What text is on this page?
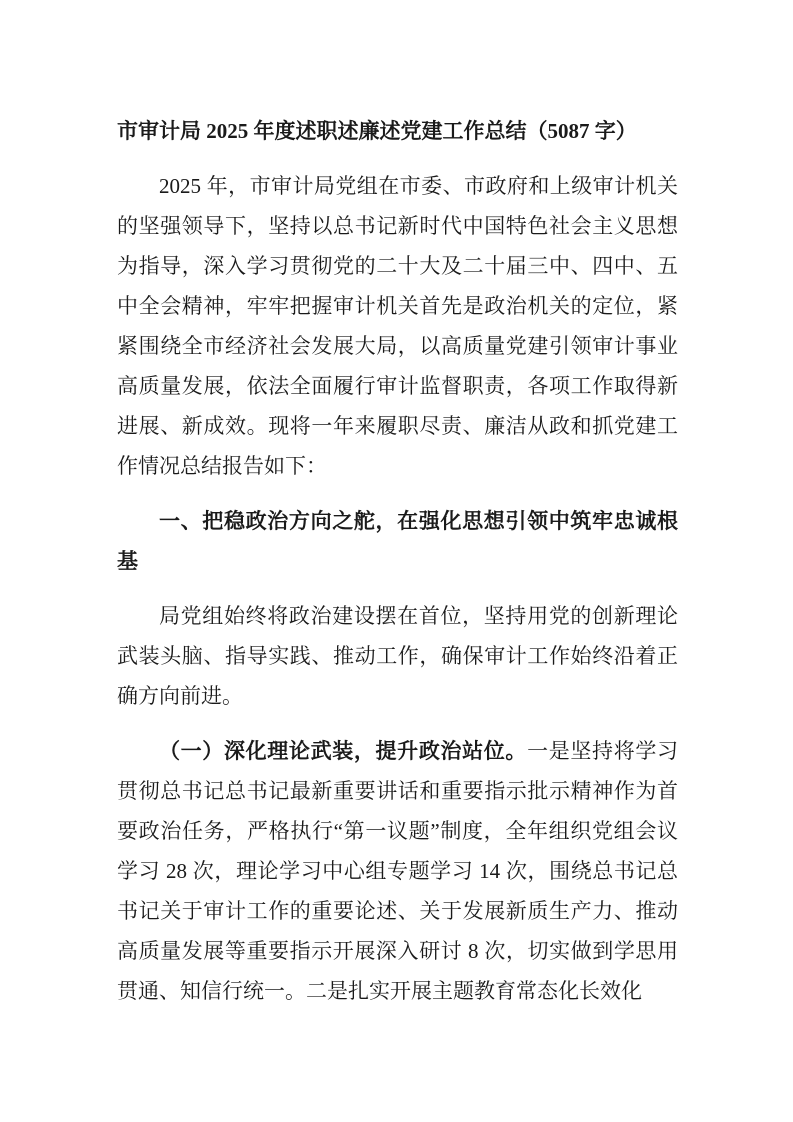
市审计局 2025 年度述职述廉述党建工作总结（5087 字）

2025 年，市审计局党组在市委、市政府和上级审计机关的坚强领导下，坚持以总书记新时代中国特色社会主义思想为指导，深入学习贯彻党的二十大及二十届三中、四中、五中全会精神，牢牢把握审计机关首先是政治机关的定位，紧紧围绕全市经济社会发展大局，以高质量党建引领审计事业高质量发展，依法全面履行审计监督职责，各项工作取得新进展、新成效。现将一年来履职尽责、廉洁从政和抓党建工作情况总结报告如下：

一、把稳政治方向之舵，在强化思想引领中筑牢忠诚根基

局党组始终将政治建设摆在首位，坚持用党的创新理论武装头脑、指导实践、推动工作，确保审计工作始终沿着正确方向前进。

（一）深化理论武装，提升政治站位。一是坚持将学习贯彻总书记总书记最新重要讲话和重要指示批示精神作为首要政治任务，严格执行“第一议题”制度，全年组织党组会议学习 28 次，理论学习中心组专题学习 14 次，围绕总书记总书记关于审计工作的重要论述、关于发展新质生产力、推动高质量发展等重要指示开展深入研讨 8 次，切实做到学思用贯通、知信行统一。二是扎实开展主题教育常态化长效化
